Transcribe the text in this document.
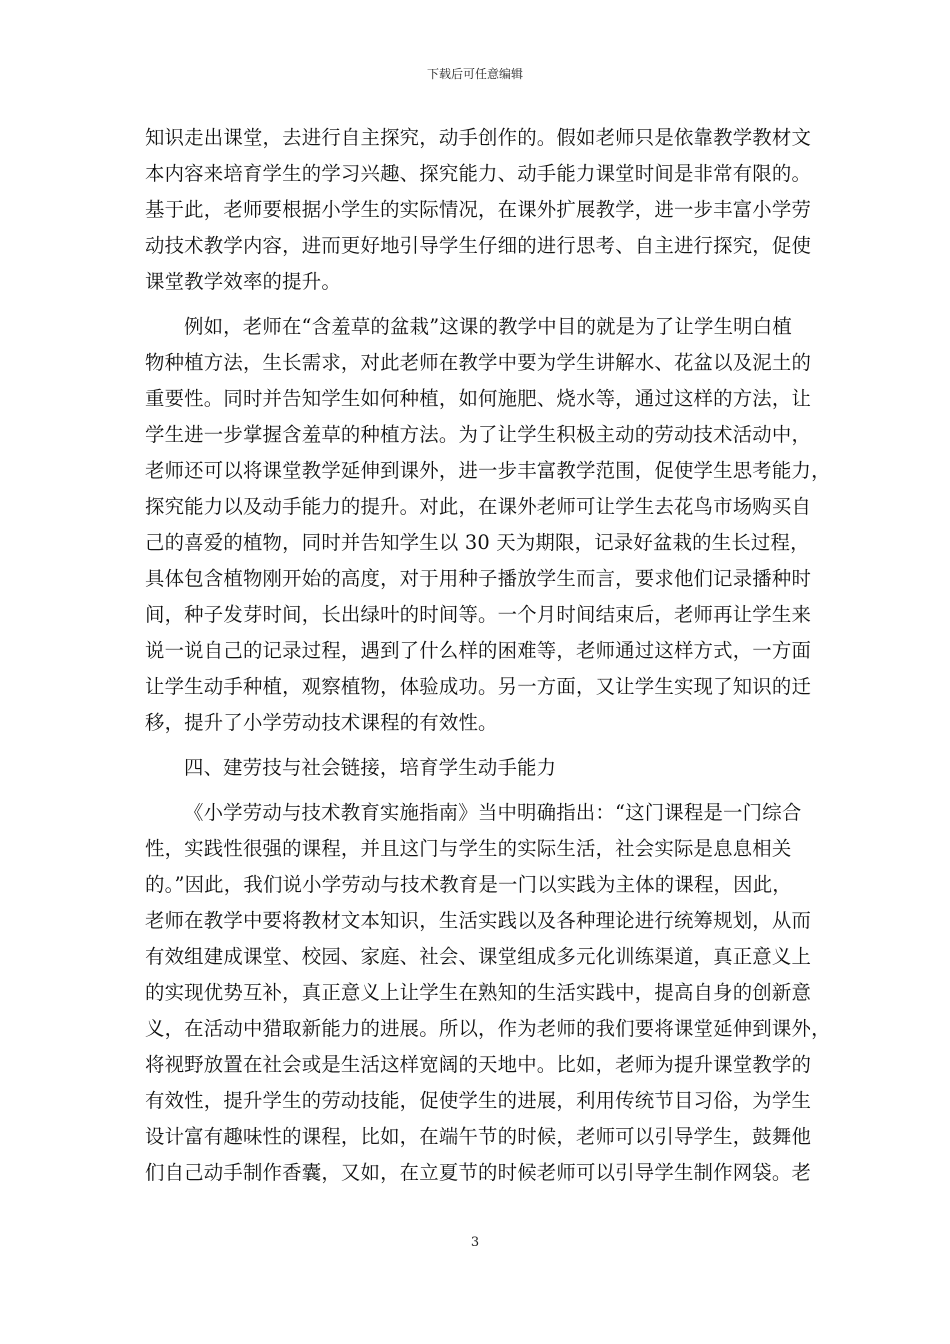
下载后可任意编辑
知识走出课堂，去进行自主探究，动手创作的。假如老师只是依靠教学教材文
本内容来培育学生的学习兴趣、探究能力、动手能力课堂时间是非常有限的。
基于此，老师要根据小学生的实际情况，在课外扩展教学，进一步丰富小学劳
动技术教学内容，进而更好地引导学生仔细的进行思考、自主进行探究，促使
课堂教学效率的提升。
例如，老师在“含羞草的盆栽”这课的教学中目的就是为了让学生明白植
物种植方法，生长需求，对此老师在教学中要为学生讲解水、花盆以及泥土的
重要性。同时并告知学生如何种植，如何施肥、烧水等，通过这样的方法，让
学生进一步掌握含羞草的种植方法。为了让学生积极主动的劳动技术活动中，
老师还可以将课堂教学延伸到课外，进一步丰富教学范围，促使学生思考能力，
探究能力以及动手能力的提升。对此，在课外老师可让学生去花鸟市场购买自
己的喜爱的植物，同时并告知学生以 30 天为期限，记录好盆栽的生长过程，
具体包含植物刚开始的高度，对于用种子播放学生而言，要求他们记录播种时
间，种子发芽时间，长出绿叶的时间等。一个月时间结束后，老师再让学生来
说一说自己的记录过程，遇到了什么样的困难等，老师通过这样方式，一方面
让学生动手种植，观察植物，体验成功。另一方面，又让学生实现了知识的迁
移，提升了小学劳动技术课程的有效性。
四、建劳技与社会链接，培育学生动手能力
《小学劳动与技术教育实施指南》当中明确指出：“这门课程是一门综合
性，实践性很强的课程，并且这门与学生的实际生活，社会实际是息息相关
的。”因此，我们说小学劳动与技术教育是一门以实践为主体的课程，因此，
老师在教学中要将教材文本知识，生活实践以及各种理论进行统筹规划，从而
有效组建成课堂、校园、家庭、社会、课堂组成多元化训练渠道，真正意义上
的实现优势互补，真正意义上让学生在熟知的生活实践中，提高自身的创新意
义，在活动中猎取新能力的进展。所以，作为老师的我们要将课堂延伸到课外，
将视野放置在社会或是生活这样宽阔的天地中。比如，老师为提升课堂教学的
有效性，提升学生的劳动技能，促使学生的进展，利用传统节目习俗，为学生
设计富有趣味性的课程，比如，在端午节的时候，老师可以引导学生，鼓舞他
们自己动手制作香囊，又如，在立夏节的时候老师可以引导学生制作网袋。老
3
